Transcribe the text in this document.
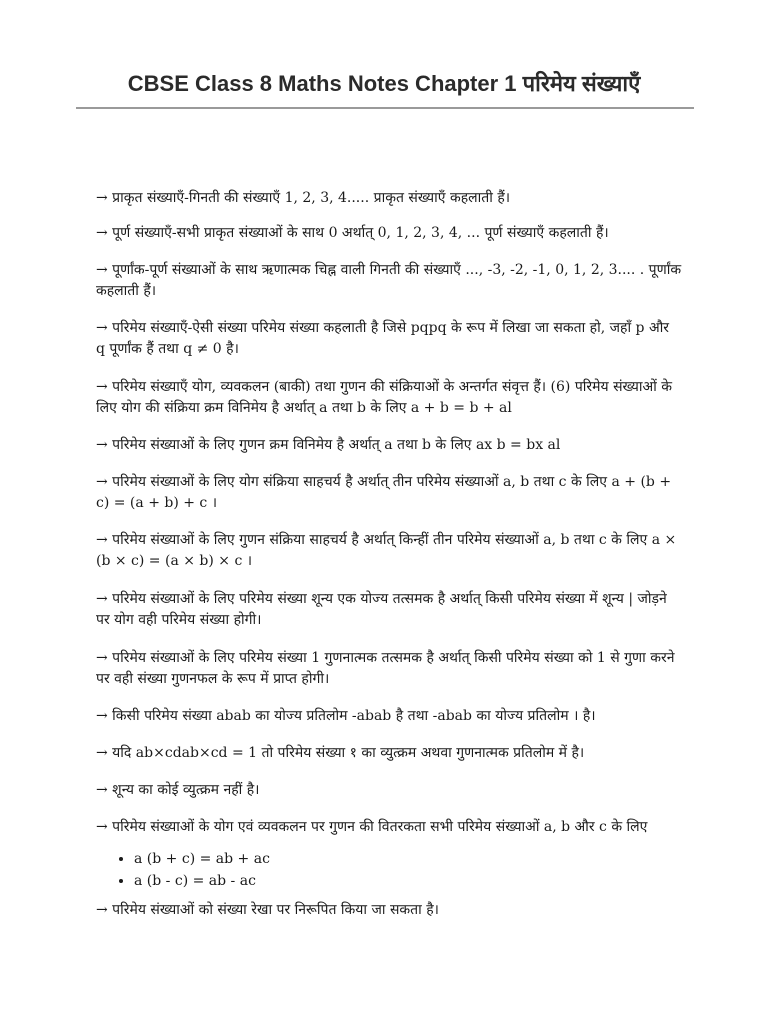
CBSE Class 8 Maths Notes Chapter 1 परिमेय संख्याएँ

→ प्राकृत संख्याएँ-गिनती की संख्याएँ 1, 2, 3, 4..... प्राकृत संख्याएँ कहलाती हैं।

→ पूर्ण संख्याएँ-सभी प्राकृत संख्याओं के साथ 0 अर्थात् 0, 1, 2, 3, 4, ... पूर्ण संख्याएँ कहलाती हैं।

→ पूर्णांक-पूर्ण संख्याओं के साथ ऋणात्मक चिह्न वाली गिनती की संख्याएँ ..., -3, -2, -1, 0, 1, 2, 3.... . पूर्णांक कहलाती हैं।

→ परिमेय संख्याएँ-ऐसी संख्या परिमेय संख्या कहलाती है जिसे pqpq के रूप में लिखा जा सकता हो, जहाँ p और q पूर्णांक हैं तथा q ≠ 0 है।

→ परिमेय संख्याएँ योग, व्यवकलन (बाकी) तथा गुणन की संक्रियाओं के अन्तर्गत संवृत्त हैं। (6) परिमेय संख्याओं के लिए योग की संक्रिया क्रम विनिमेय है अर्थात् a तथा b के लिए a + b = b + al

→ परिमेय संख्याओं के लिए गुणन क्रम विनिमेय है अर्थात् a तथा b के लिए ax b = bx al

→ परिमेय संख्याओं के लिए योग संक्रिया साहचर्य है अर्थात् तीन परिमेय संख्याओं a, b तथा c के लिए a + (b + c) = (a + b) + c ।

→ परिमेय संख्याओं के लिए गुणन संक्रिया साहचर्य है अर्थात् किन्हीं तीन परिमेय संख्याओं a, b तथा c के लिए a × (b × c) = (a × b) × c ।

→ परिमेय संख्याओं के लिए परिमेय संख्या शून्य एक योज्य तत्समक है अर्थात् किसी परिमेय संख्या में शून्य | जोड़ने पर योग वही परिमेय संख्या होगी।

→ परिमेय संख्याओं के लिए परिमेय संख्या 1 गुणनात्मक तत्समक है अर्थात् किसी परिमेय संख्या को 1 से गुणा करने पर वही संख्या गुणनफल के रूप में प्राप्त होगी।

→ किसी परिमेय संख्या abab का योज्य प्रतिलोम -abab है तथा -abab का योज्य प्रतिलोम । है।

→ यदि ab×cdab×cd = 1 तो परिमेय संख्या १ का व्युत्क्रम अथवा गुणनात्मक प्रतिलोम में है।

→ शून्य का कोई व्युत्क्रम नहीं है।

→ परिमेय संख्याओं के योग एवं व्यवकलन पर गुणन की वितरकता सभी परिमेय संख्याओं a, b और c के लिए

• a (b + c) = ab + ac
• a (b - c) = ab - ac

→ परिमेय संख्याओं को संख्या रेखा पर निरूपित किया जा सकता है।
